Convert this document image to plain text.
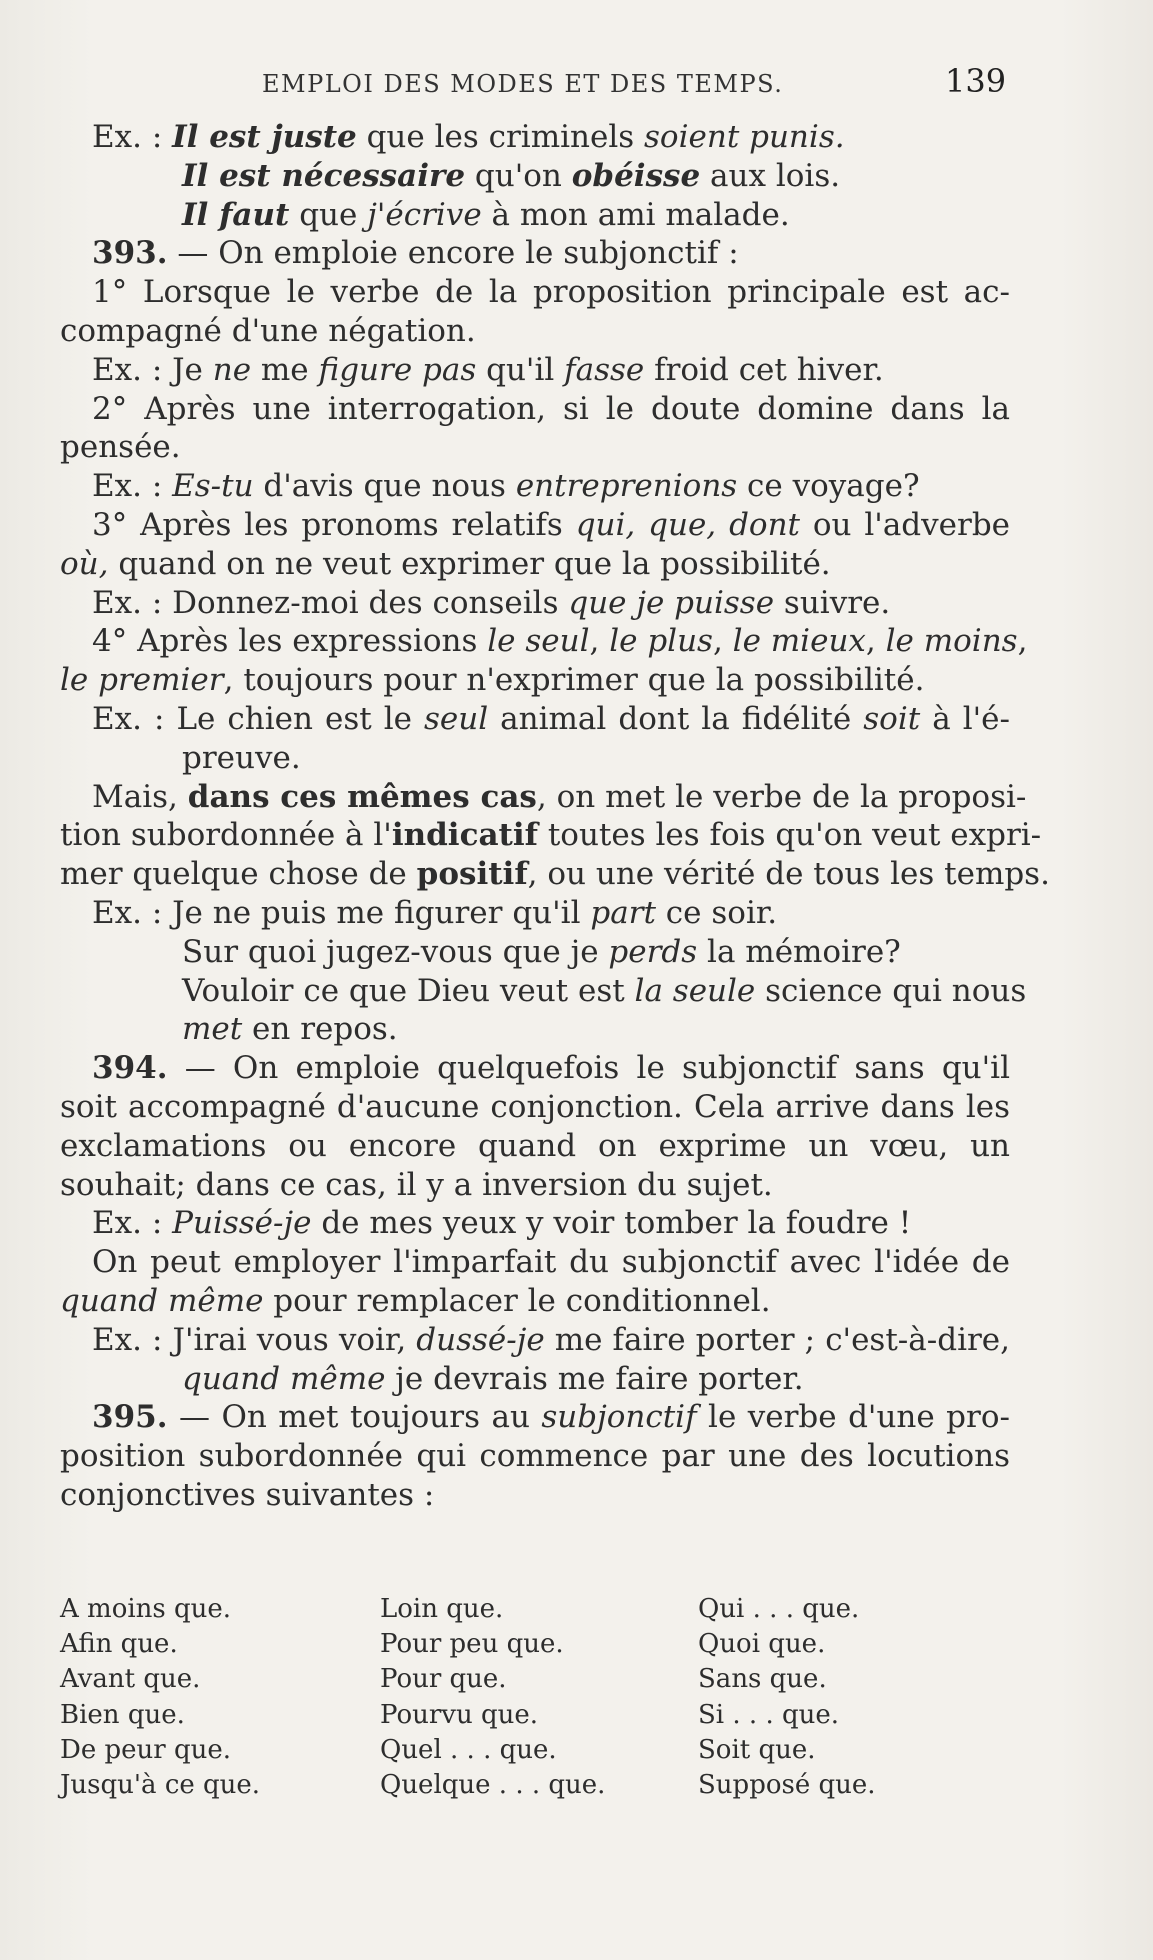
EMPLOI DES MODES ET DES TEMPS.	139
Ex. : Il est juste que les criminels soient punis.
Il est nécessaire qu'on obéisse aux lois.
Il faut que j'écrive à mon ami malade.
393. — On emploie encore le subjonctif :
1° Lorsque le verbe de la proposition principale est ac-
compagné d'une négation.
Ex. : Je ne me figure pas qu'il fasse froid cet hiver.
2° Après une interrogation, si le doute domine dans la
pensée.
Ex. : Es-tu d'avis que nous entreprenions ce voyage?
3° Après les pronoms relatifs qui, que, dont ou l'adverbe
où, quand on ne veut exprimer que la possibilité.
Ex. : Donnez-moi des conseils que je puisse suivre.
4° Après les expressions le seul, le plus, le mieux, le moins,
le premier, toujours pour n'exprimer que la possibilité.
Ex. : Le chien est le seul animal dont la fidélité soit à l'é-
preuve.
Mais, dans ces mêmes cas, on met le verbe de la proposi-
tion subordonnée à l'indicatif toutes les fois qu'on veut expri-
mer quelque chose de positif, ou une vérité de tous les temps.
Ex. : Je ne puis me figurer qu'il part ce soir.
Sur quoi jugez-vous que je perds la mémoire?
Vouloir ce que Dieu veut est la seule science qui nous
met en repos.
394. — On emploie quelquefois le subjonctif sans qu'il
soit accompagné d'aucune conjonction. Cela arrive dans les
exclamations ou encore quand on exprime un vœu, un
souhait; dans ce cas, il y a inversion du sujet.
Ex. : Puissé-je de mes yeux y voir tomber la foudre !
On peut employer l'imparfait du subjonctif avec l'idée de
quand même pour remplacer le conditionnel.
Ex. : J'irai vous voir, dussé-je me faire porter ; c'est-à-dire,
quand même je devrais me faire porter.
395. — On met toujours au subjonctif le verbe d'une pro-
position subordonnée qui commence par une des locutions
conjonctives suivantes :
A moins que.	Loin que.	Qui . . . que.
Afin que.	Pour peu que.	Quoi que.
Avant que.	Pour que.	Sans que.
Bien que.	Pourvu que.	Si . . . que.
De peur que.	Quel . . . que.	Soit que.
Jusqu'à ce que.	Quelque . . . que.	Supposé que.
